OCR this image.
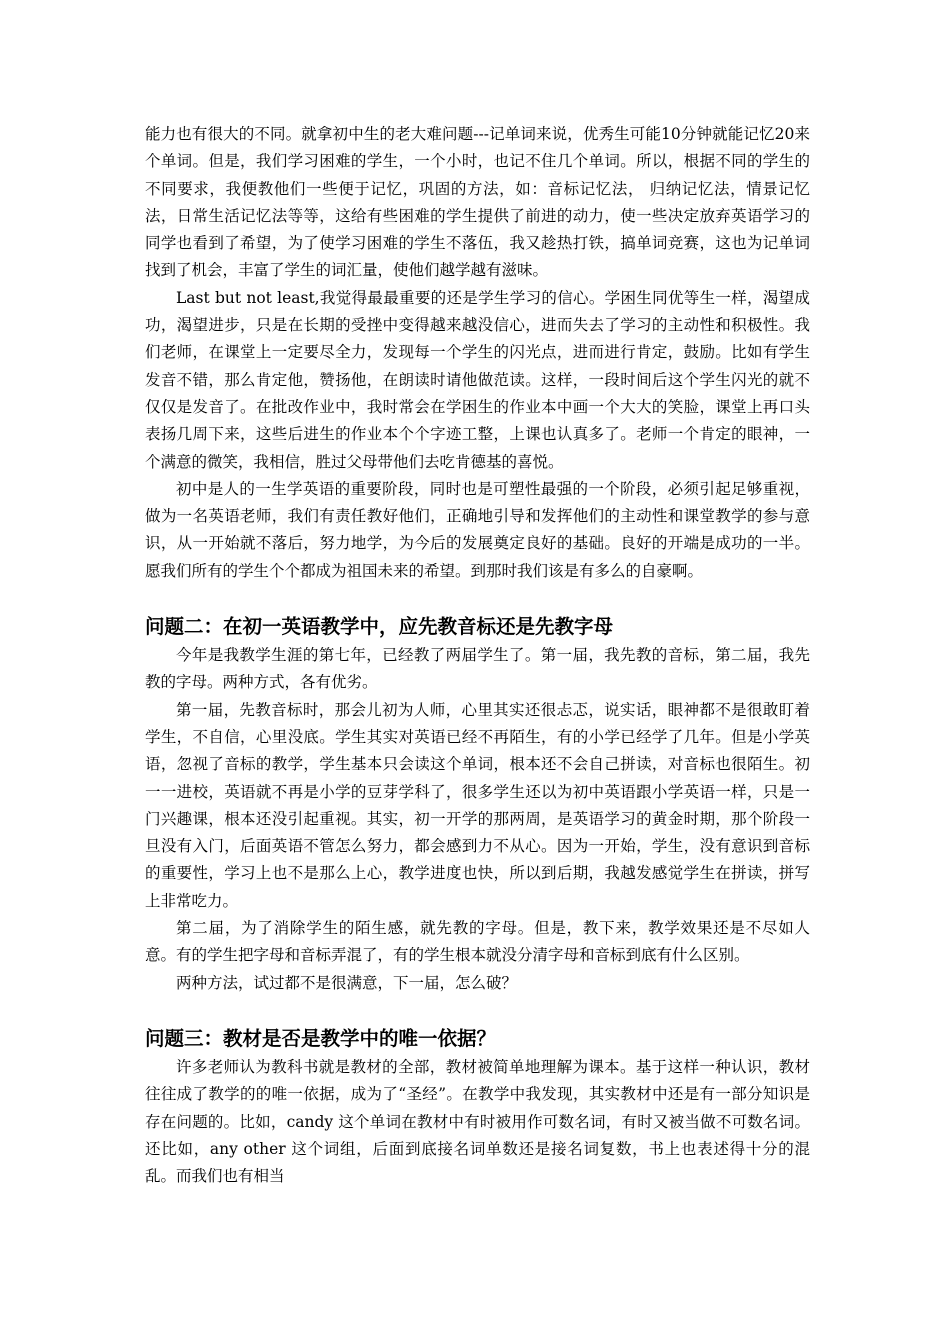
能力也有很大的不同。就拿初中生的老大难问题---记单词来说，优秀生可能10分钟就能记忆20来个单词。但是，我们学习困难的学生，一个小时，也记不住几个单词。所以，根据不同的学生的不同要求，我便教他们一些便于记忆，巩固的方法，如：音标记忆法， 归纳记忆法，情景记忆法，日常生活记忆法等等，这给有些困难的学生提供了前进的动力，使一些决定放弃英语学习的同学也看到了希望，为了使学习困难的学生不落伍，我又趁热打铁，搞单词竞赛，这也为记单词找到了机会，丰富了学生的词汇量，使他们越学越有滋味。

Last but not least,我觉得最最重要的还是学生学习的信心。学困生同优等生一样，渴望成功，渴望进步，只是在长期的受挫中变得越来越没信心，进而失去了学习的主动性和积极性。我们老师，在课堂上一定要尽全力，发现每一个学生的闪光点，进而进行肯定，鼓励。比如有学生发音不错，那么肯定他，赞扬他，在朗读时请他做范读。这样，一段时间后这个学生闪光的就不仅仅是发音了。在批改作业中，我时常会在学困生的作业本中画一个大大的笑脸，课堂上再口头表扬几周下来，这些后进生的作业本个个字迹工整，上课也认真多了。老师一个肯定的眼神，一个满意的微笑，我相信，胜过父母带他们去吃肯德基的喜悦。

初中是人的一生学英语的重要阶段，同时也是可塑性最强的一个阶段，必须引起足够重视，做为一名英语老师，我们有责任教好他们，正确地引导和发挥他们的主动性和课堂教学的参与意识，从一开始就不落后，努力地学，为今后的发展奠定良好的基础。良好的开端是成功的一半。愿我们所有的学生个个都成为祖国未来的希望。到那时我们该是有多么的自豪啊。

问题二：在初一英语教学中，应先教音标还是先教字母

今年是我教学生涯的第七年，已经教了两届学生了。第一届，我先教的音标，第二届，我先教的字母。两种方式，各有优劣。

第一届，先教音标时，那会儿初为人师，心里其实还很忐忑，说实话，眼神都不是很敢盯着学生，不自信，心里没底。学生其实对英语已经不再陌生，有的小学已经学了几年。但是小学英语，忽视了音标的教学，学生基本只会读这个单词，根本还不会自己拼读，对音标也很陌生。初一一进校，英语就不再是小学的豆芽学科了，很多学生还以为初中英语跟小学英语一样，只是一门兴趣课，根本还没引起重视。其实，初一开学的那两周，是英语学习的黄金时期，那个阶段一旦没有入门，后面英语不管怎么努力，都会感到力不从心。因为一开始，学生，没有意识到音标的重要性，学习上也不是那么上心，教学进度也快，所以到后期，我越发感觉学生在拼读，拼写上非常吃力。

第二届，为了消除学生的陌生感，就先教的字母。但是，教下来，教学效果还是不尽如人意。有的学生把字母和音标弄混了，有的学生根本就没分清字母和音标到底有什么区别。

两种方法，试过都不是很满意，下一届，怎么破？

问题三：教材是否是教学中的唯一依据？

许多老师认为教科书就是教材的全部，教材被简单地理解为课本。基于这样一种认识，教材往往成了教学的的唯一依据，成为了“圣经”。在教学中我发现，其实教材中还是有一部分知识是存在问题的。比如，candy 这个单词在教材中有时被用作可数名词，有时又被当做不可数名词。还比如，any other 这个词组，后面到底接名词单数还是接名词复数，书上也表述得十分的混乱。而我们也有相当
